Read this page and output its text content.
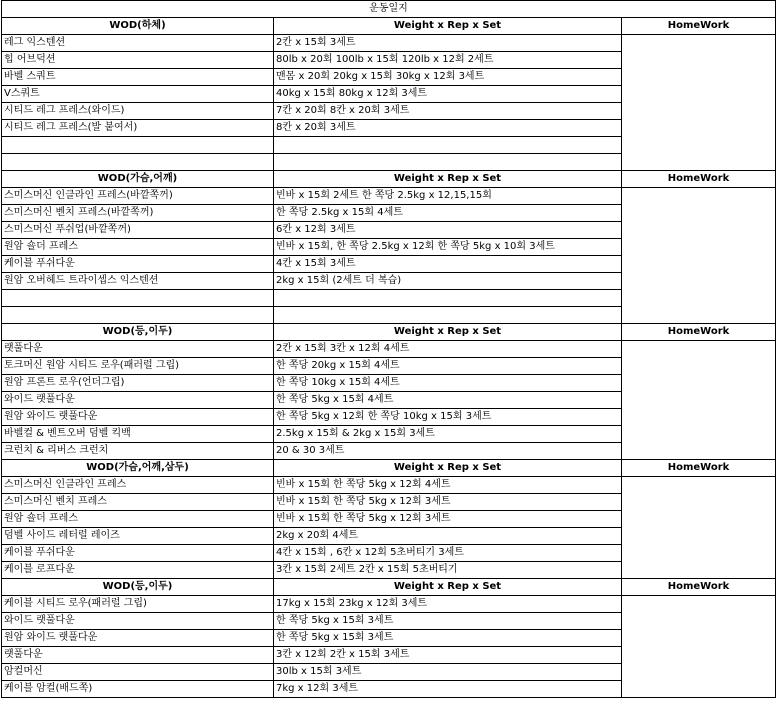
운동일지		
WOD(하체)	Weight x Rep x Set	HomeWork
레그 익스텐션	2칸 x 15회 3세트	
힙 어브덕션	80lb x 20회 100lb x 15회 120lb x 12회 2세트	
바벨 스쿼트	맨몸 x 20회 20kg x 15회 30kg x 12회 3세트	
V스쿼트	40kg x 15회 80kg x 12회 3세트	
시티드 레그 프레스(와이드)	7칸 x 20회 8칸 x 20회 3세트	
시티드 레그 프레스(발 붙여서)	8칸 x 20회 3세트	

WOD(가슴,어깨)	Weight x Rep x Set	HomeWork
스미스머신 인클라인 프레스(바깥쪽꺼)	빈바 x 15회 2세트 한 쪽당 2.5kg x 12,15,15회	
스미스머신 벤치 프레스(바깥쪽꺼)	한 쪽당 2.5kg x 15회 4세트	
스미스머신 푸쉬업(바깥쪽꺼)	6칸 x 12회 3세트	
원암 숄더 프레스	빈바 x 15회, 한 쪽당 2.5kg x 12회 한 쪽당 5kg x 10회 3세트	
케이블 푸쉬다운	4칸 x 15회 3세트	
원암 오버헤드 트라이셉스 익스텐션	2kg x 15회 (2세트 더 복습)	

WOD(등,이두)	Weight x Rep x Set	HomeWork
랫풀다운	2칸 x 15회 3칸 x 12회 4세트	
토크머신 원암 시티드 로우(패러럴 그립)	한 쪽당 20kg x 15회 4세트	
원암 프론트 로우(언더그립)	한 쪽당 10kg x 15회 4세트	
와이드 랫풀다운	한 쪽당 5kg x 15회 4세트	
원암 와이드 랫풀다운	한 쪽당 5kg x 12회 한 쪽당 10kg x 15회 3세트	
바벨컬 & 벤트오버 덤벨 킥백	2.5kg x 15회 & 2kg x 15회 3세트	
크런치 & 리버스 크런치	20 & 30 3세트	
WOD(가슴,어깨,삼두)	Weight x Rep x Set	HomeWork
스미스머신 인클라인 프레스	빈바 x 15회 한 쪽당 5kg x 12회 4세트	
스미스머신 벤치 프레스	빈바 x 15회 한 쪽당 5kg x 12회 3세트	
원암 숄더 프레스	빈바 x 15회 한 쪽당 5kg x 12회 3세트	
덤벨 사이드 레터럴 레이즈	2kg x 20회 4세트	
케이블 푸쉬다운	4칸 x 15회 , 6칸 x 12회 5초버티기 3세트	
케이블 로프다운	3칸 x 15회 2세트 2칸 x 15회 5초버티기	
WOD(등,이두)	Weight x Rep x Set	HomeWork
케이블 시티드 로우(패러럴 그립)	17kg x 15회 23kg x 12회 3세트	
와이드 랫풀다운	한 쪽당 5kg x 15회 3세트	
원암 와이드 랫풀다운	한 쪽당 5kg x 15회 3세트	
랫풀다운	3칸 x 12회 2칸 x 15회 3세트	
암컬머신	30lb x 15회 3세트	
케이블 암컬(배드쪽)	7kg x 12회 3세트	
